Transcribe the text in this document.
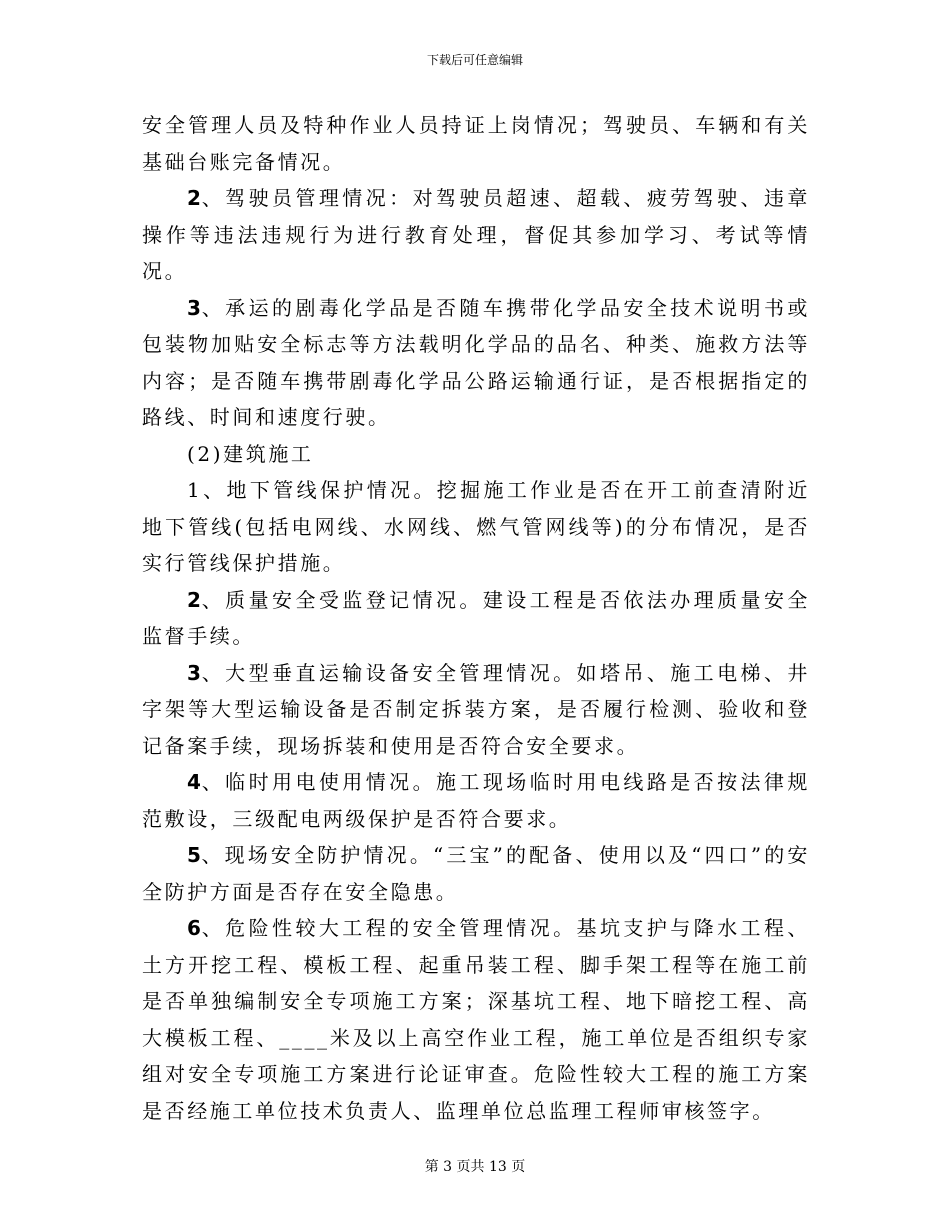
下载后可任意编辑

安全管理人员及特种作业人员持证上岗情况；驾驶员、车辆和有关基础台账完备情况。

2、驾驶员管理情况：对驾驶员超速、超载、疲劳驾驶、违章操作等违法违规行为进行教育处理，督促其参加学习、考试等情况。

3、承运的剧毒化学品是否随车携带化学品安全技术说明书或包装物加贴安全标志等方法载明化学品的品名、种类、施救方法等内容；是否随车携带剧毒化学品公路运输通行证，是否根据指定的路线、时间和速度行驶。

(2)建筑施工

1、地下管线保护情况。挖掘施工作业是否在开工前查清附近地下管线(包括电网线、水网线、燃气管网线等)的分布情况，是否实行管线保护措施。

2、质量安全受监登记情况。建设工程是否依法办理质量安全监督手续。

3、大型垂直运输设备安全管理情况。如塔吊、施工电梯、井字架等大型运输设备是否制定拆装方案，是否履行检测、验收和登记备案手续，现场拆装和使用是否符合安全要求。

4、临时用电使用情况。施工现场临时用电线路是否按法律规范敷设，三级配电两级保护是否符合要求。

5、现场安全防护情况。“三宝”的配备、使用以及“四口”的安全防护方面是否存在安全隐患。

6、危险性较大工程的安全管理情况。基坑支护与降水工程、土方开挖工程、模板工程、起重吊装工程、脚手架工程等在施工前是否单独编制安全专项施工方案；深基坑工程、地下暗挖工程、高大模板工程、____米及以上高空作业工程，施工单位是否组织专家组对安全专项施工方案进行论证审查。危险性较大工程的施工方案是否经施工单位技术负责人、监理单位总监理工程师审核签字。

第 3 页共 13 页
